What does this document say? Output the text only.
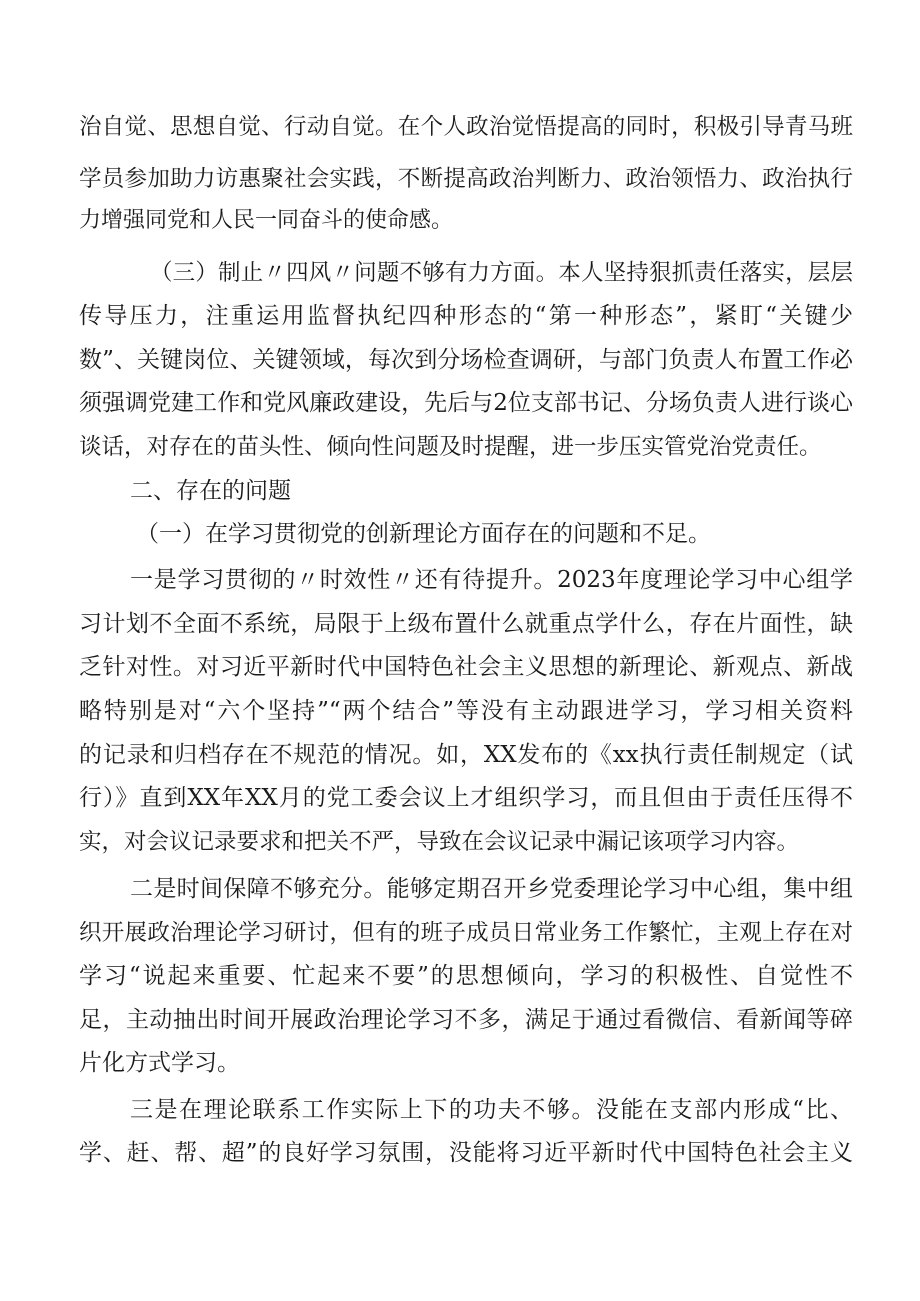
治自觉、思想自觉、行动自觉。在个人政治觉悟提高的同时，积极引导青马班
学员参加助力访惠聚社会实践，不断提高政治判断力、政治领悟力、政治执行
力增强同党和人民一同奋斗的使命感。
（三）制止〃四风〃问题不够有力方面。本人坚持狠抓责任落实，层层
传导压力，注重运用监督执纪四种形态的“第一种形态”，紧盯“关键少
数”、关键岗位、关键领域，每次到分场检查调研，与部门负责人布置工作必
须强调党建工作和党风廉政建设，先后与2位支部书记、分场负责人进行谈心
谈话，对存在的苗头性、倾向性问题及时提醒，进一步压实管党治党责任。
二、存在的问题
（一）在学习贯彻党的创新理论方面存在的问题和不足。
一是学习贯彻的〃时效性〃还有待提升。2023年度理论学习中心组学
习计划不全面不系统，局限于上级布置什么就重点学什么，存在片面性，缺
乏针对性。对习近平新时代中国特色社会主义思想的新理论、新观点、新战
略特别是对“六个坚持”“两个结合”等没有主动跟进学习，学习相关资料
的记录和归档存在不规范的情况。如，XX发布的《xx执行责任制规定（试
行）》直到XX年XX月的党工委会议上才组织学习，而且但由于责任压得不
实，对会议记录要求和把关不严，导致在会议记录中漏记该项学习内容。
二是时间保障不够充分。能够定期召开乡党委理论学习中心组，集中组
织开展政治理论学习研讨，但有的班子成员日常业务工作繁忙，主观上存在对
学习“说起来重要、忙起来不要”的思想倾向，学习的积极性、自觉性不
足，主动抽出时间开展政治理论学习不多，满足于通过看微信、看新闻等碎
片化方式学习。
三是在理论联系工作实际上下的功夫不够。没能在支部内形成“比、
学、赶、帮、超”的良好学习氛围，没能将习近平新时代中国特色社会主义
